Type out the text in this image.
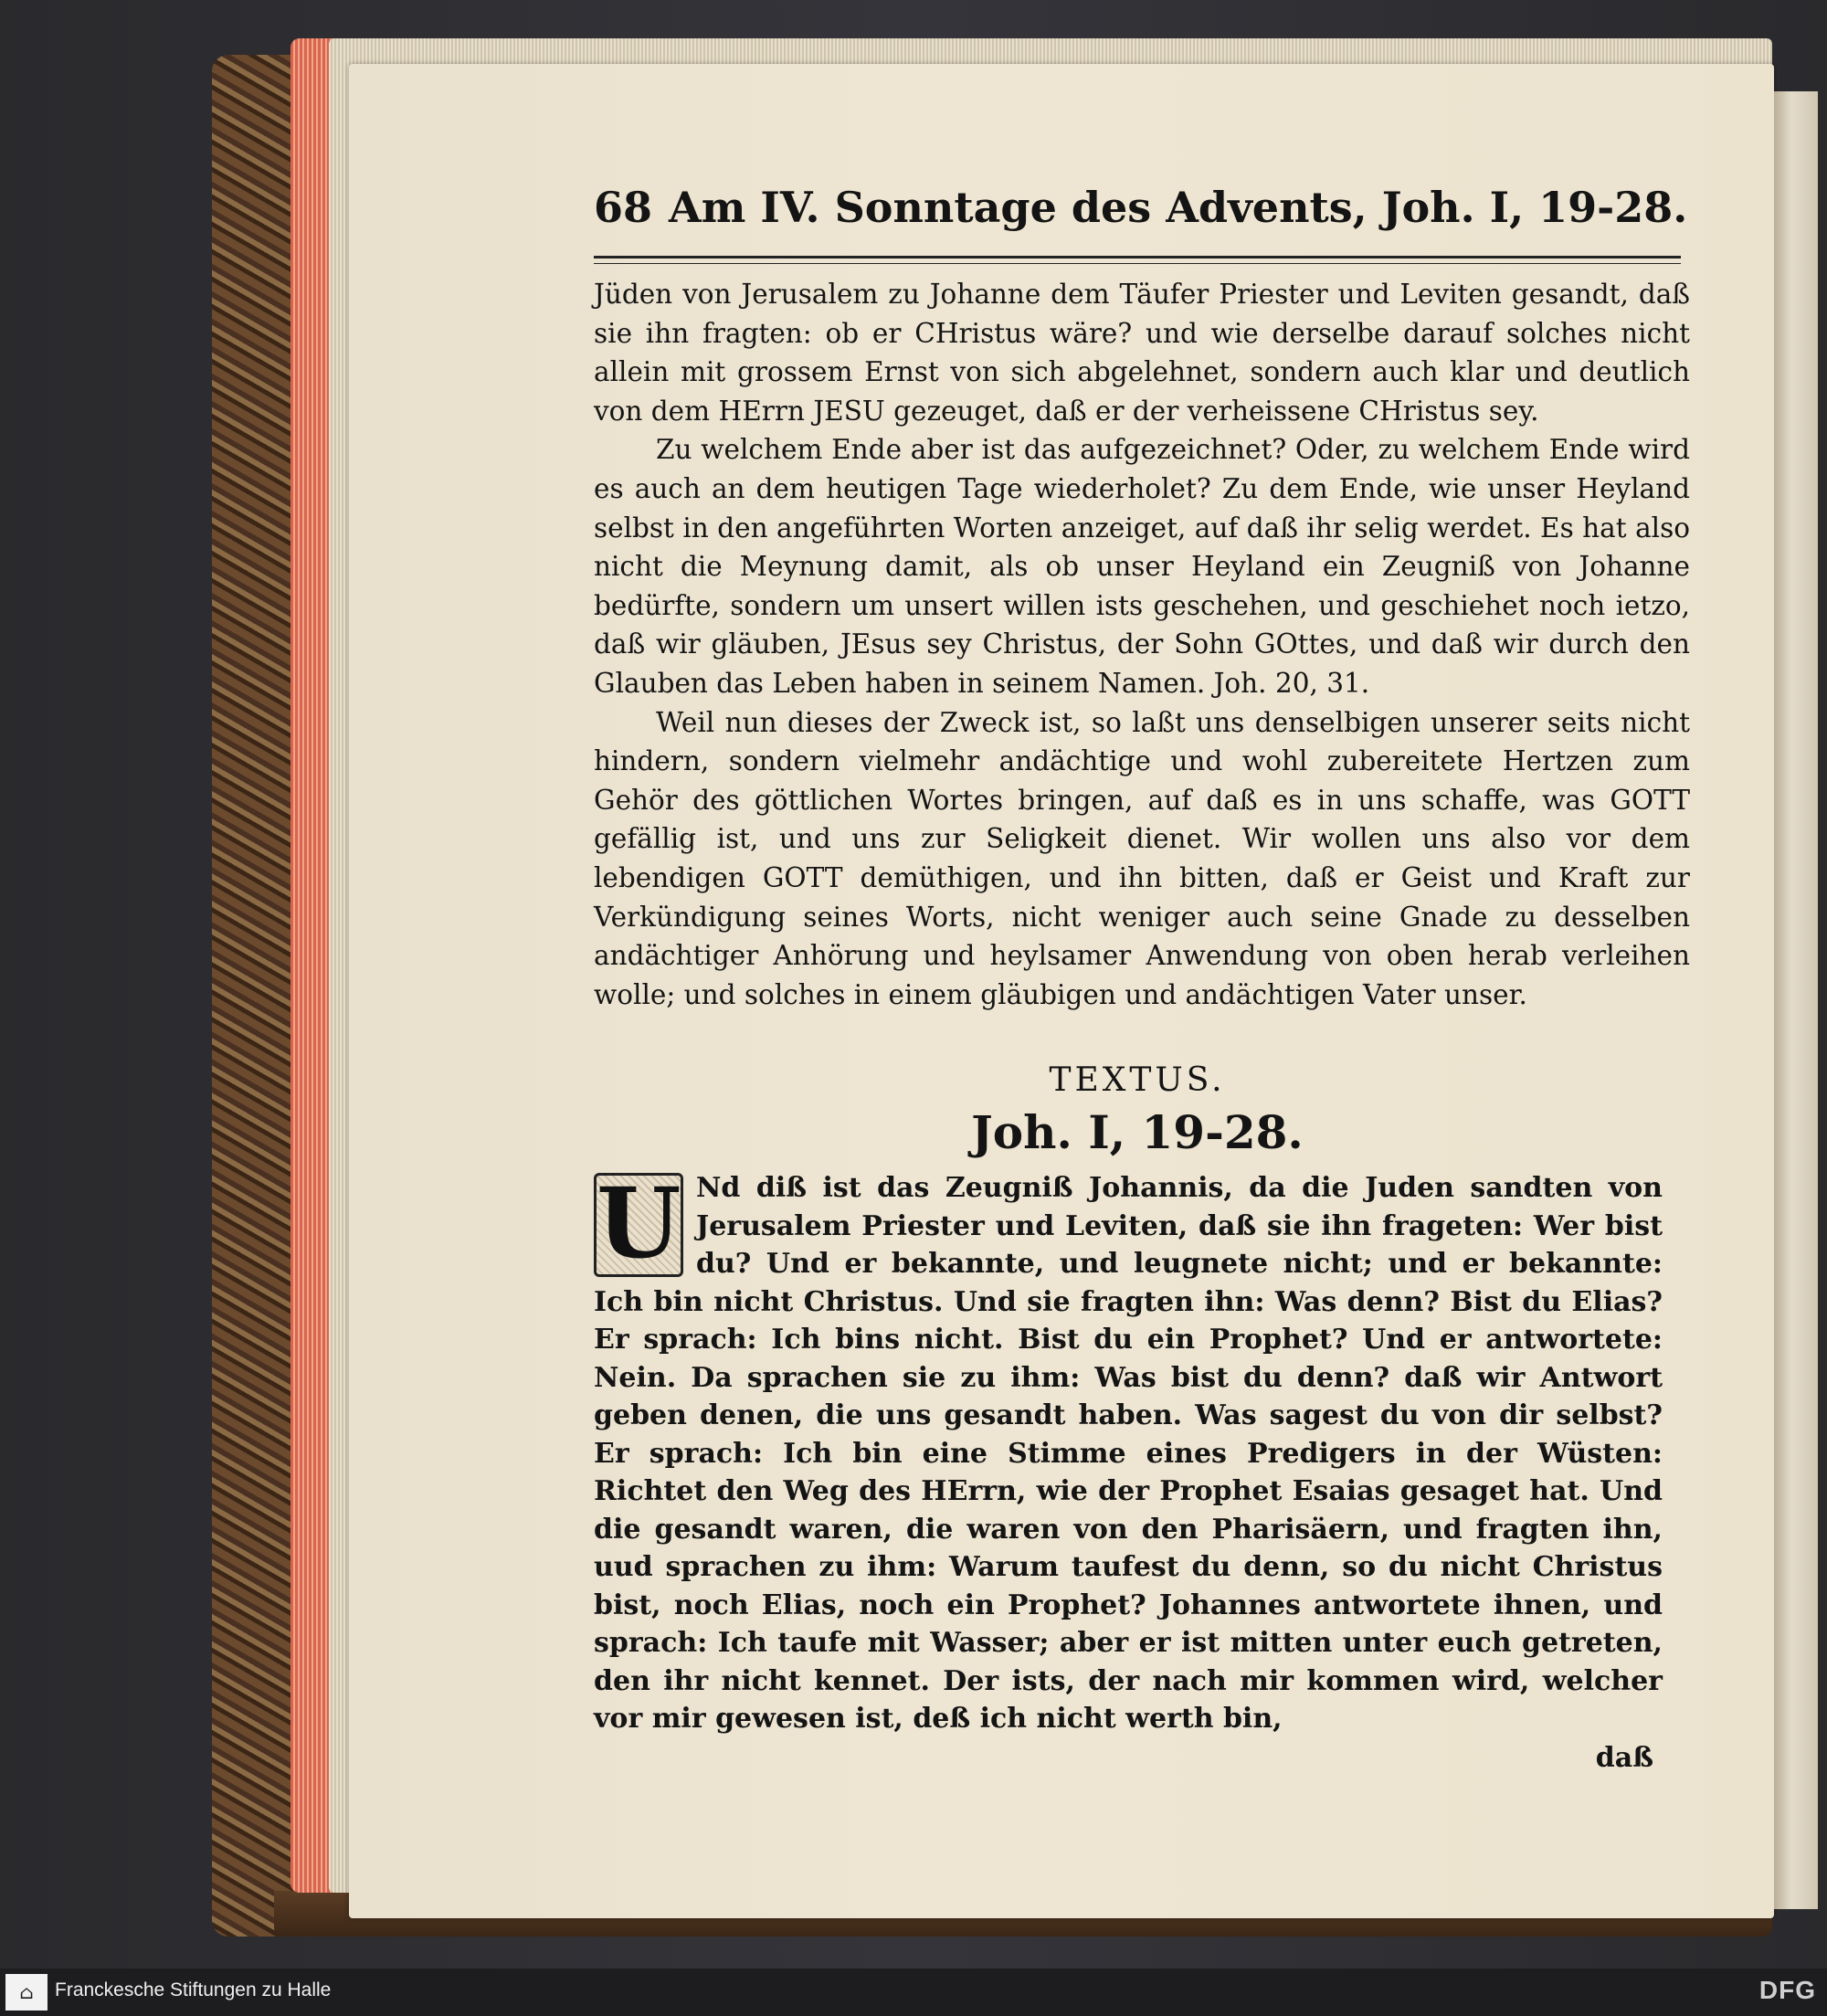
68 Am IV. Sonntage des Advents, Joh. I, 19-28.

Jüden von Jerusalem zu Johanne dem Täufer Priester und Leviten gesandt, daß sie ihn fragten: ob er CHristus wäre? und wie derselbe darauf solches nicht allein mit grossem Ernst von sich abgelehnet, sondern auch klar und deutlich von dem HErrn JESU gezeuget, daß er der verheissene CHristus sey.

Zu welchem Ende aber ist das aufgezeichnet? Oder, zu welchem Ende wird es auch an dem heutigen Tage wiederholet? Zu dem Ende, wie unser Heyland selbst in den angeführten Worten anzeiget, auf daß ihr selig werdet. Es hat also nicht die Meynung damit, als ob unser Heyland ein Zeugniß von Johanne bedürfte, sondern um unsert willen ists geschehen, und geschiehet noch ietzo, daß wir gläuben, JEsus sey Christus, der Sohn GOttes, und daß wir durch den Glauben das Leben haben in seinem Namen. Joh. 20, 31.

Weil nun dieses der Zweck ist, so laßt uns denselbigen unserer seits nicht hindern, sondern vielmehr andächtige und wohl zubereitete Hertzen zum Gehör des göttlichen Wortes bringen, auf daß es in uns schaffe, was GOTT gefällig ist, und uns zur Seligkeit dienet. Wir wollen uns also vor dem lebendigen GOTT demüthigen, und ihn bitten, daß er Geist und Kraft zur Verkündigung seines Worts, nicht weniger auch seine Gnade zu desselben andächtiger Anhörung und heylsamer Anwendung von oben herab verleihen wolle; und solches in einem gläubigen und andächtigen Vater unser.

TEXTUS.
Joh. I, 19-28.
U Nd diß ist das Zeugniß Johannis, da die Juden sandten von Jerusalem Priester und Leviten, daß sie ihn frageten: Wer bist du? Und er bekannte, und leugnete nicht; und er bekannte: Ich bin nicht Christus. Und sie fragten ihn: Was denn? Bist du Elias? Er sprach: Ich bins nicht. Bist du ein Prophet? Und er antwortete: Nein. Da sprachen sie zu ihm: Was bist du denn? daß wir Antwort geben denen, die uns gesandt haben. Was sagest du von dir selbst? Er sprach: Ich bin eine Stimme eines Predigers in der Wüsten: Richtet den Weg des HErrn, wie der Prophet Esaias gesaget hat. Und die gesandt waren, die waren von den Pharisäern, und fragten ihn, uud sprachen zu ihm: Warum taufest du denn, so du nicht Christus bist, noch Elias, noch ein Prophet? Johannes antwortete ihnen, und sprach: Ich taufe mit Wasser; aber er ist mitten unter euch getreten, den ihr nicht kennet. Der ists, der nach mir kommen wird, welcher vor mir gewesen ist, deß ich nicht werth bin,
daß
⌂	Franckesche Stiftungen zu Halle	DFG
